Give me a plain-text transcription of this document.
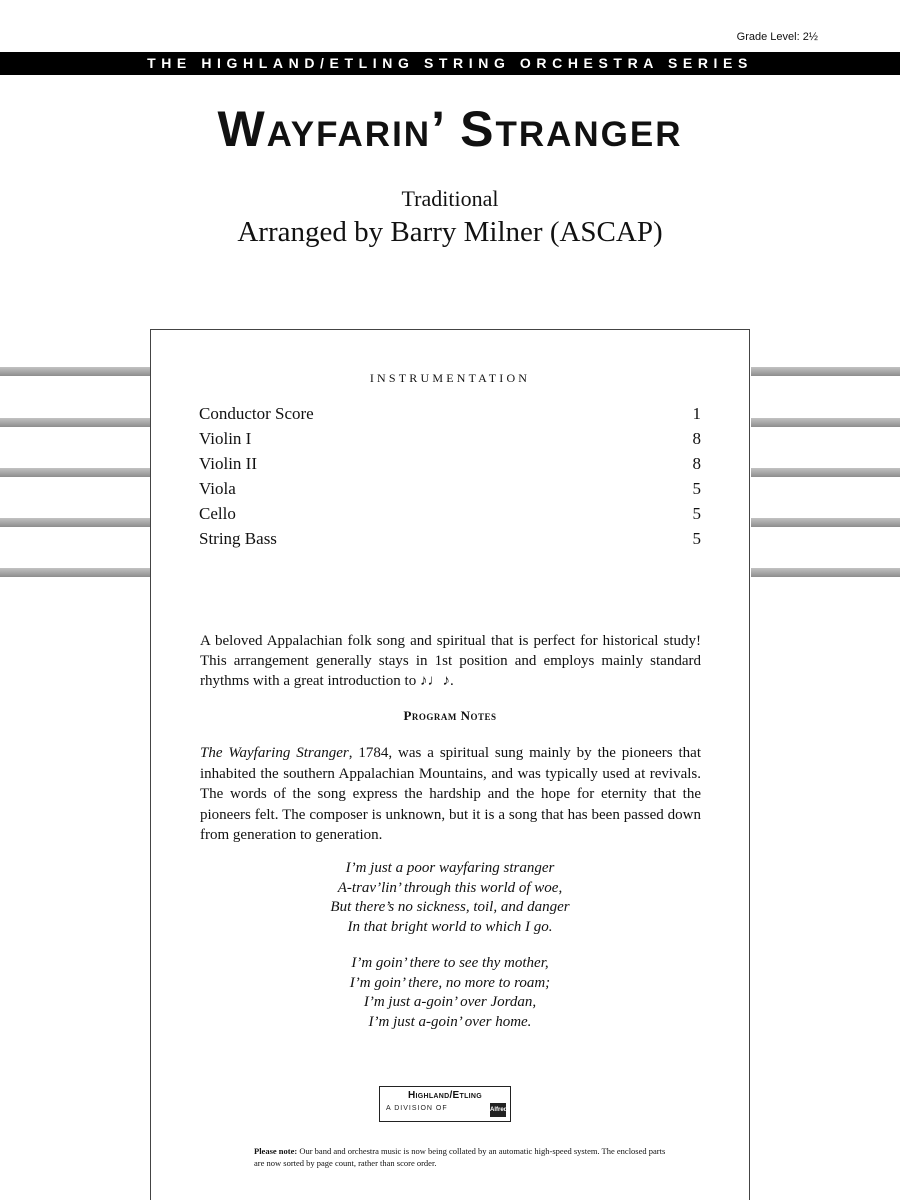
Grade Level: 2½
THE HIGHLAND/ETLING STRING ORCHESTRA SERIES
Wayfarin’ Stranger
Traditional
Arranged by Barry Milner (ASCAP)
INSTRUMENTATION
Conductor Score	1
Violin I	8
Violin II	8
Viola	5
Cello	5
String Bass	5
A beloved Appalachian folk song and spiritual that is perfect for historical study! This arrangement generally stays in 1st position and employs mainly standard rhythms with a great introduction to ♪♩♪.
Program Notes
The Wayfaring Stranger, 1784, was a spiritual sung mainly by the pioneers that inhabited the southern Appalachian Mountains, and was typically used at revivals. The words of the song express the hardship and the hope for eternity that the pioneers felt. The composer is unknown, but it is a song that has been passed down from generation to generation.
I’m just a poor wayfaring stranger
A-trav’lin’ through this world of woe,
But there’s no sickness, toil, and danger
In that bright world to which I go.
I’m goin’ there to see thy mother,
I’m goin’ there, no more to roam;
I’m just a-goin’ over Jordan,
I’m just a-goin’ over home.
Highland/Etling
A DIVISION OF	Alfred
Please note: Our band and orchestra music is now being collated by an automatic high-speed system. The enclosed parts are now sorted by page count, rather than score order.
